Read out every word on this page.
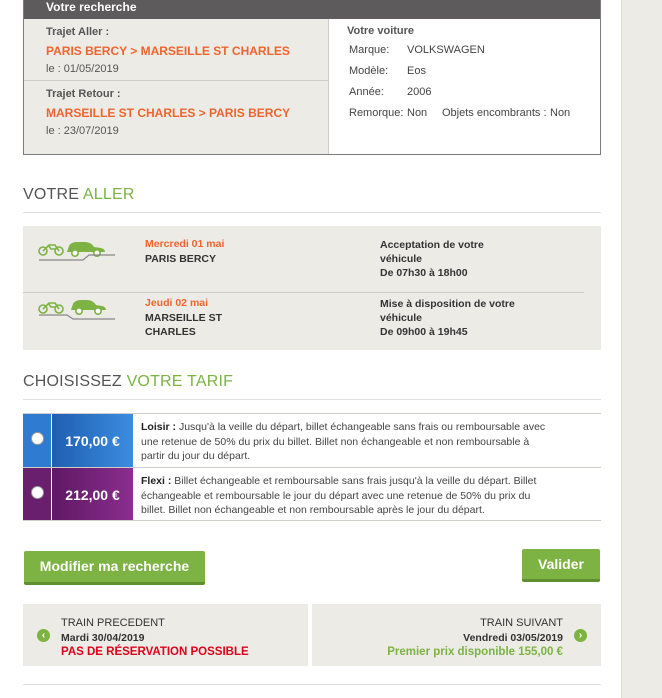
Votre recherche
Trajet Aller :
PARIS BERCY > MARSEILLE ST CHARLES
le : 01/05/2019
Trajet Retour :
MARSEILLE ST CHARLES > PARIS BERCY
le : 23/07/2019
Votre voiture
Marque: VOLKSWAGEN
Modèle: Eos
Année: 2006
Remorque: Non Objets encombrants : Non
VOTRE ALLER
Mercredi 01 mai
PARIS BERCY
Acceptation de votre véhicule
De 07h30 à 18h00
Jeudi 02 mai
MARSEILLE ST CHARLES
Mise à disposition de votre véhicule
De 09h00 à 19h45
CHOISISSEZ VOTRE TARIF
170,00 €
Loisir : Jusqu'à la veille du départ, billet échangeable sans frais ou remboursable avec une retenue de 50% du prix du billet. Billet non échangeable et non remboursable à partir du jour du départ.
212,00 €
Flexi : Billet échangeable et remboursable sans frais jusqu'à la veille du départ. Billet échangeable et remboursable le jour du départ avec une retenue de 50% du prix du billet. Billet non échangeable et non remboursable après le jour du départ.
Modifier ma recherche	Valider
‹
TRAIN PRECEDENT
Mardi 30/04/2019
PAS DE RÉSERVATION POSSIBLE
›
TRAIN SUIVANT
Vendredi 03/05/2019
Premier prix disponible 155,00 €
